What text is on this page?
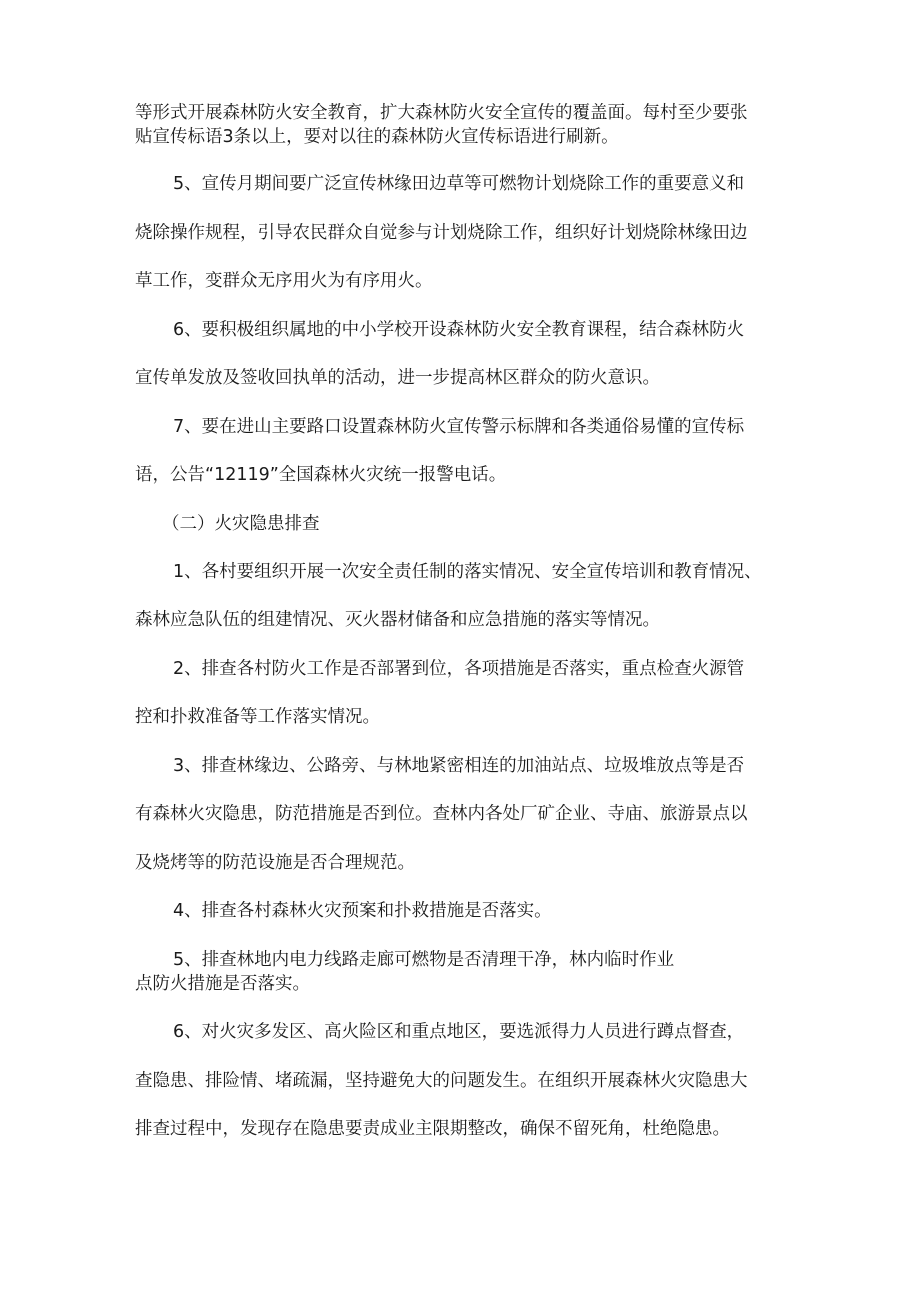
等形式开展森林防火安全教育，扩大森林防火安全宣传的覆盖面。每村至少要张

贴宣传标语3条以上，要对以往的森林防火宣传标语进行刷新。

5、宣传月期间要广泛宣传林缘田边草等可燃物计划烧除工作的重要意义和

烧除操作规程，引导农民群众自觉参与计划烧除工作，组织好计划烧除林缘田边

草工作，变群众无序用火为有序用火。

6、要积极组织属地的中小学校开设森林防火安全教育课程，结合森林防火

宣传单发放及签收回执单的活动，进一步提高林区群众的防火意识。

7、要在进山主要路口设置森林防火宣传警示标牌和各类通俗易懂的宣传标

语，公告“12119”全国森林火灾统一报警电话。

（二）火灾隐患排查

1、各村要组织开展一次安全责任制的落实情况、安全宣传培训和教育情况、

森林应急队伍的组建情况、灭火器材储备和应急措施的落实等情况。

2、排查各村防火工作是否部署到位，各项措施是否落实，重点检查火源管

控和扑救准备等工作落实情况。

3、排查林缘边、公路旁、与林地紧密相连的加油站点、垃圾堆放点等是否

有森林火灾隐患，防范措施是否到位。查林内各处厂矿企业、寺庙、旅游景点以

及烧烤等的防范设施是否合理规范。

4、排查各村森林火灾预案和扑救措施是否落实。

5、排查林地内电力线路走廊可燃物是否清理干净，林内临时作业

点防火措施是否落实。

6、对火灾多发区、高火险区和重点地区，要选派得力人员进行蹲点督查，

查隐患、排险情、堵疏漏，坚持避免大的问题发生。在组织开展森林火灾隐患大

排查过程中，发现存在隐患要责成业主限期整改，确保不留死角，杜绝隐患。
